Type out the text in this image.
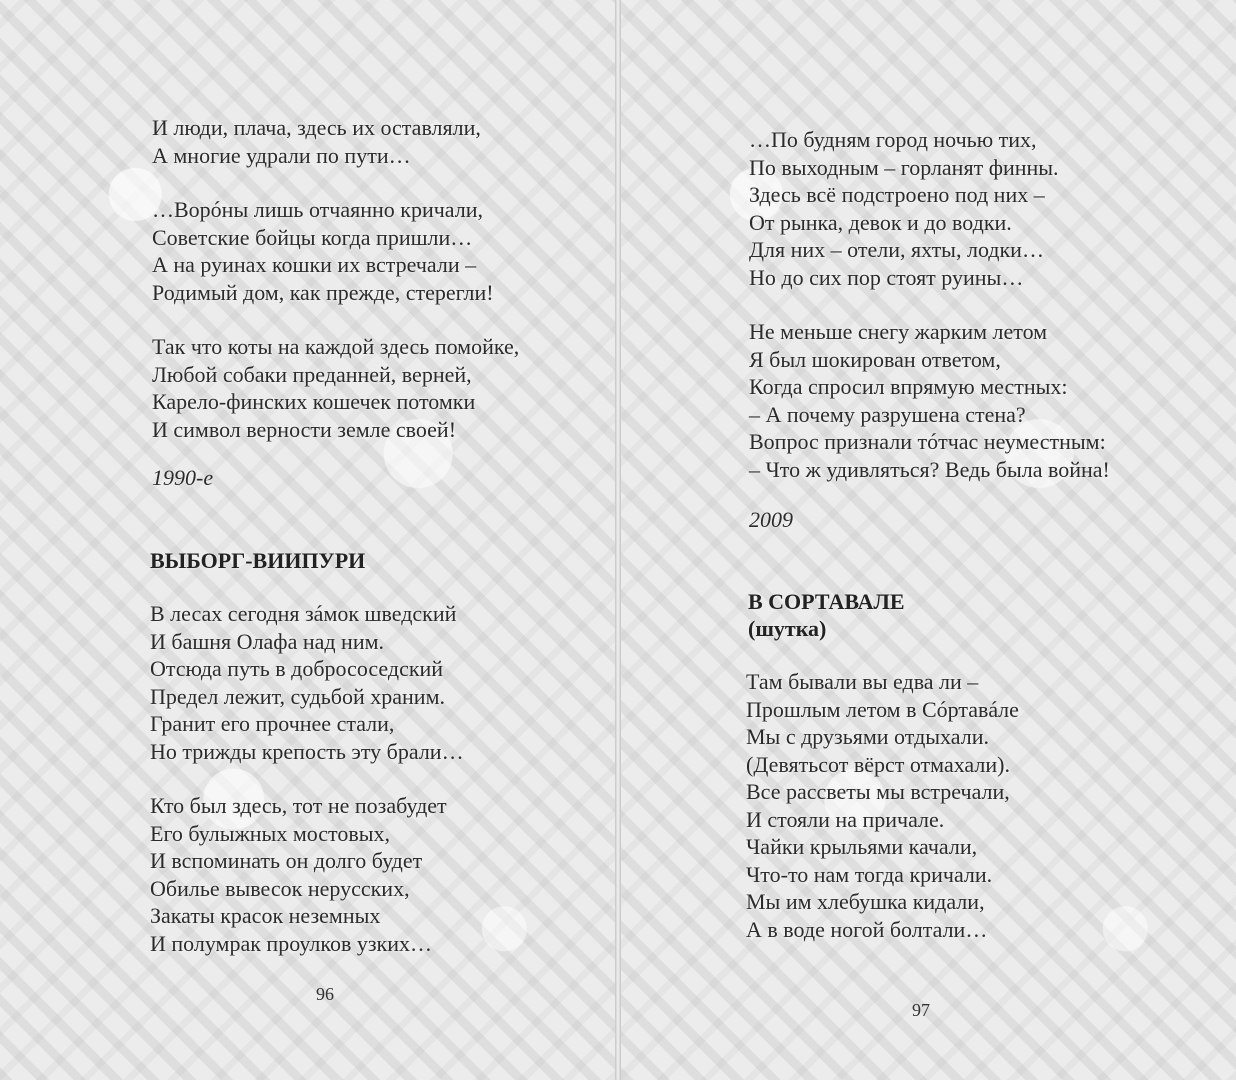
И люди, плача, здесь их оставляли,
А многие удрали по пути…
…Ворóны лишь отчаянно кричали,
Советские бойцы когда пришли…
А на руинах кошки их встречали –
Родимый дом, как прежде, стерегли!
Так что коты на каждой здесь помойке,
Любой собаки преданней, верней,
Карело-финских кошечек потомки
И символ верности земле своей!
1990-е
ВЫБОРГ-ВИИПУРИ
В лесах сегодня зáмок шведский
И башня Олафа над ним.
Отсюда путь в добрососедский
Предел лежит, судьбой храним.
Гранит его прочнее стали,
Но трижды крепость эту брали…
Кто был здесь, тот не позабудет
Его булыжных мостовых,
И вспоминать он долго будет
Обилье вывесок нерусских,
Закаты красок неземных
И полумрак проулков узких…
96
…По будням город ночью тих,
По выходным – горланят финны.
Здесь всё подстроено под них –
От рынка, девок и до водки.
Для них – отели, яхты, лодки…
Но до сих пор стоят руины…
Не меньше снегу жарким летом
Я был шокирован ответом,
Когда спросил впрямую местных:
– А почему разрушена стена?
Вопрос признали тóтчас неуместным:
– Что ж удивляться? Ведь была война!
2009
В СОРТАВАЛЕ
(шутка)
Там бывали вы едва ли –
Прошлым летом в Сóртавáле
Мы с друзьями отдыхали.
(Девятьсот вёрст отмахали).
Все рассветы мы встречали,
И стояли на причале.
Чайки крыльями качали,
Что-то нам тогда кричали.
Мы им хлебушка кидали,
А в воде ногой болтали…
97
